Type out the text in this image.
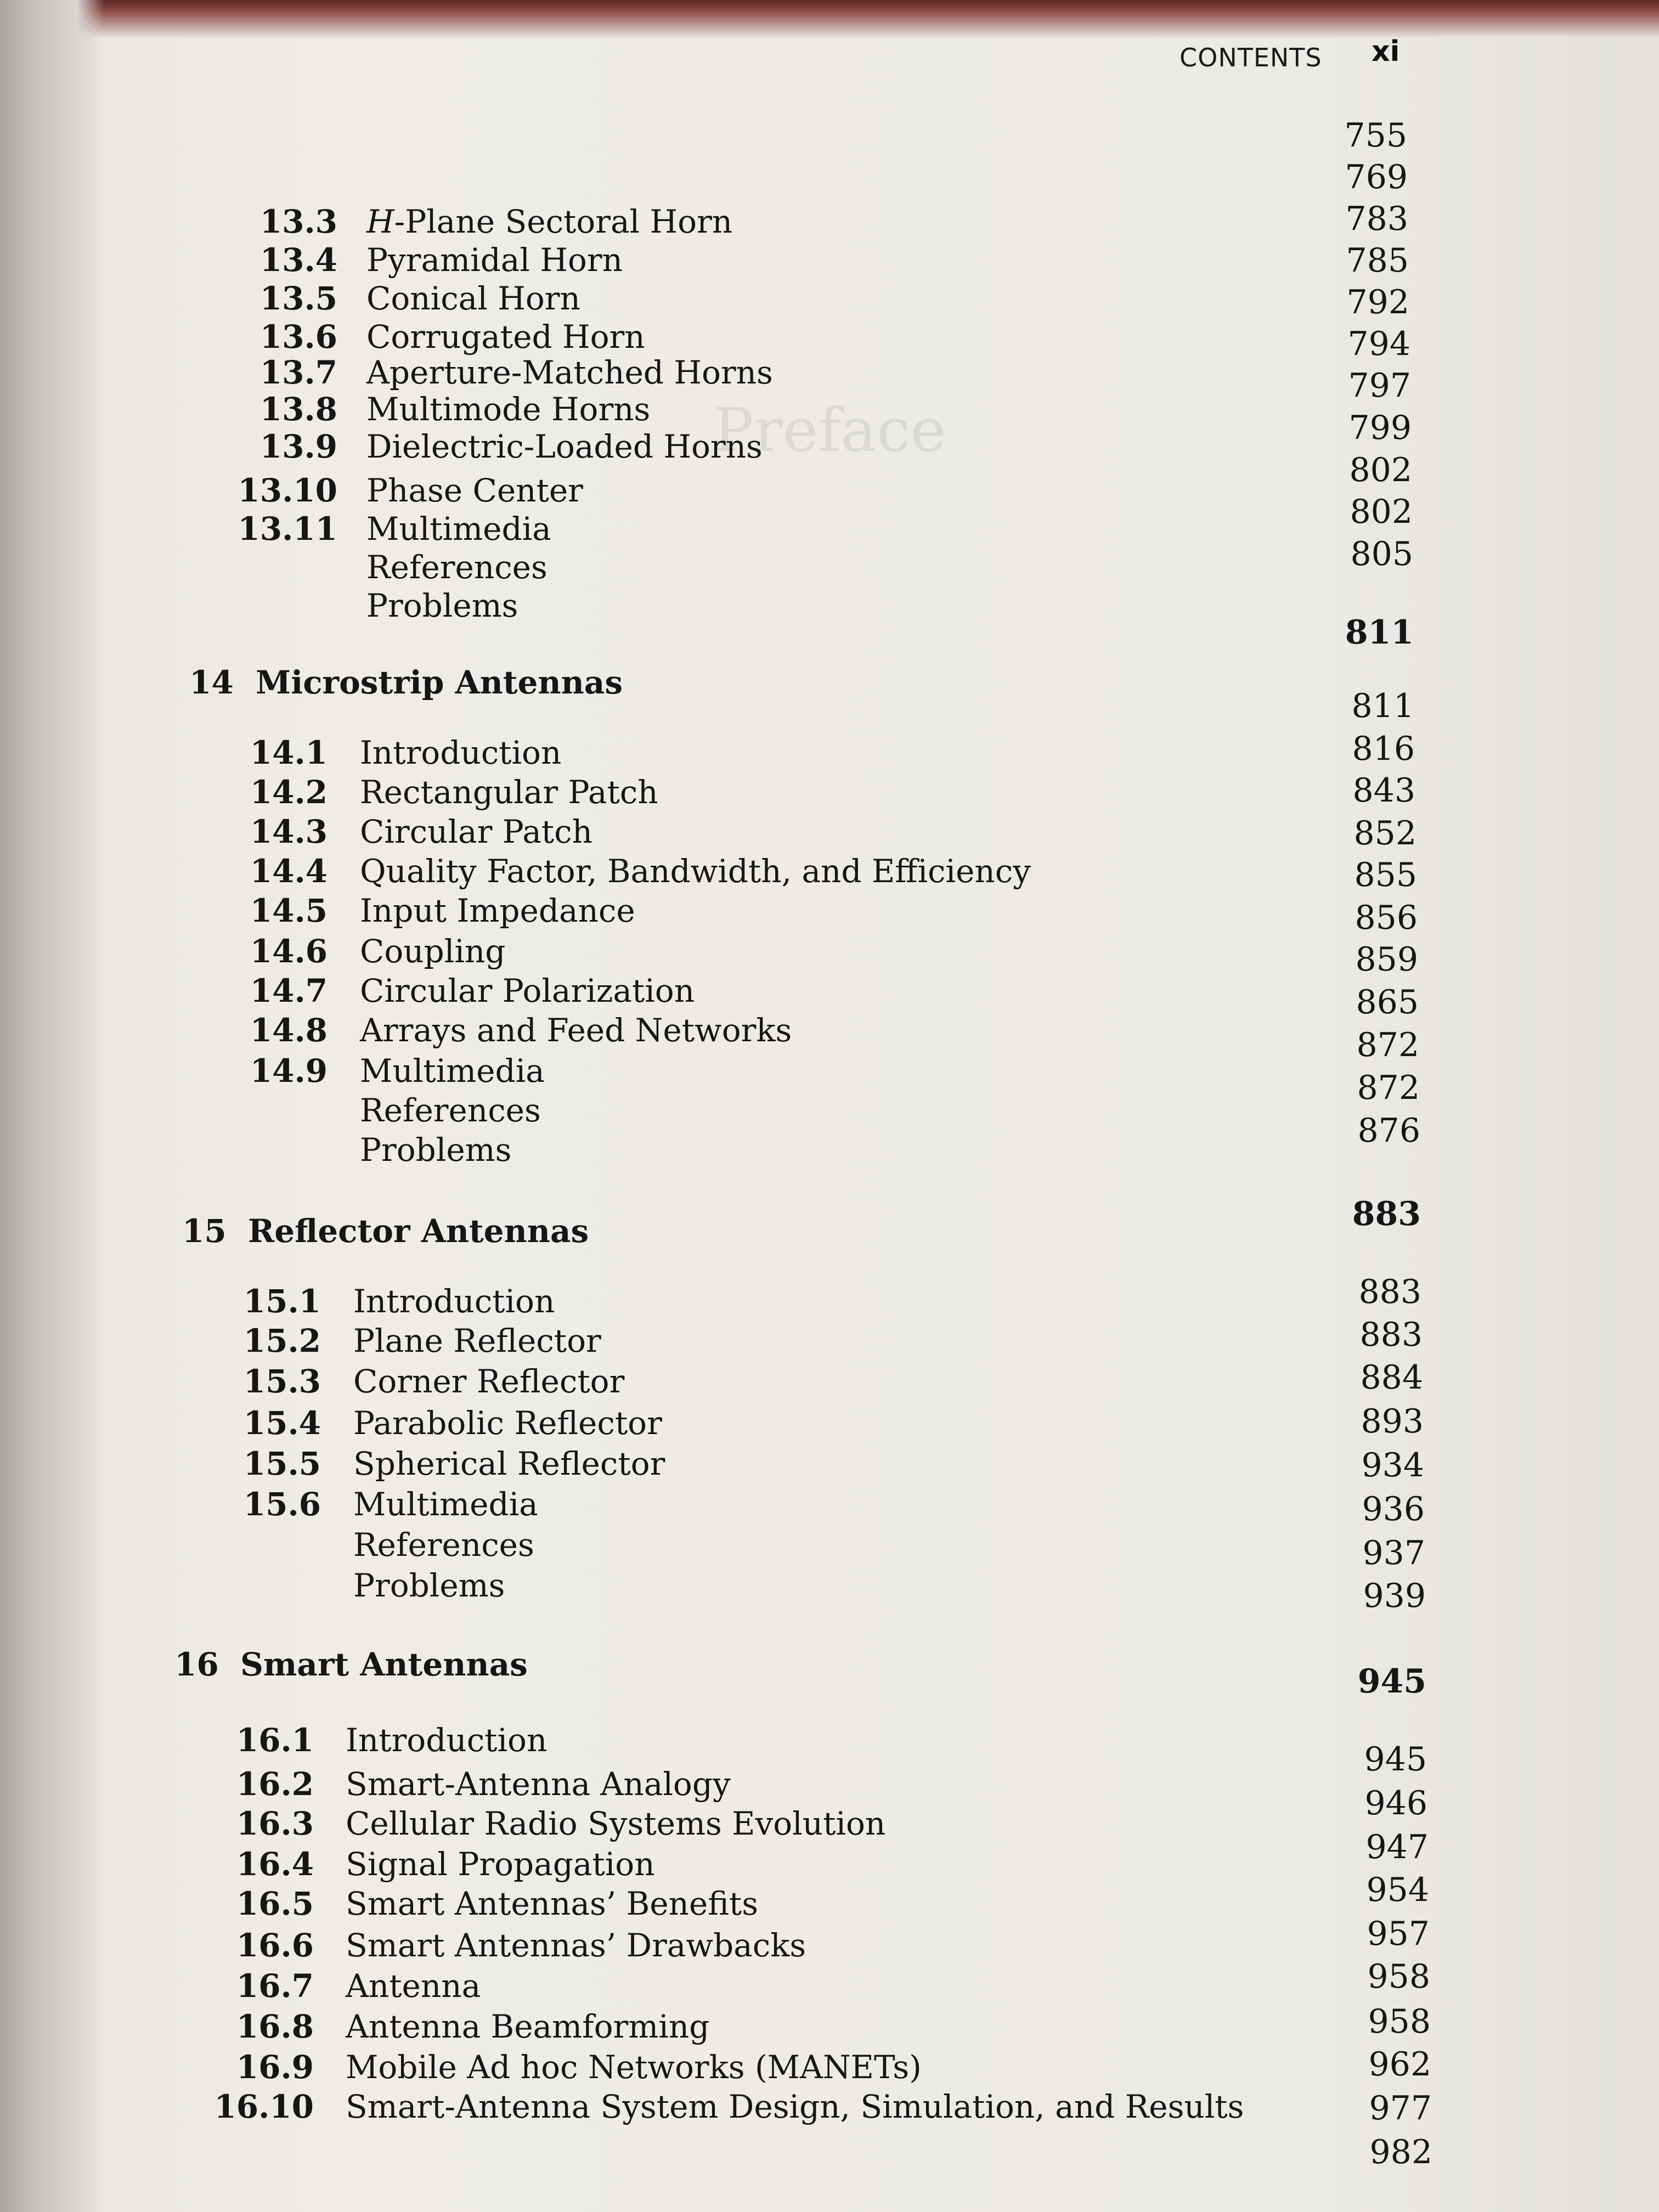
Preface
CONTENTS xi
13.3 H-Plane Sectoral Horn
13.4 Pyramidal Horn
13.5 Conical Horn
13.6 Corrugated Horn
13.7 Aperture-Matched Horns
13.8 Multimode Horns
13.9 Dielectric-Loaded Horns
13.10 Phase Center
13.11 Multimedia
References
Problems
14 Microstrip Antennas
14.1 Introduction
14.2 Rectangular Patch
14.3 Circular Patch
14.4 Quality Factor, Bandwidth, and Efficiency
14.5 Input Impedance
14.6 Coupling
14.7 Circular Polarization
14.8 Arrays and Feed Networks
14.9 Multimedia
References
Problems
15 Reflector Antennas
15.1 Introduction
15.2 Plane Reflector
15.3 Corner Reflector
15.4 Parabolic Reflector
15.5 Spherical Reflector
15.6 Multimedia
References
Problems
16 Smart Antennas
16.1 Introduction
16.2 Smart-Antenna Analogy
16.3 Cellular Radio Systems Evolution
16.4 Signal Propagation
16.5 Smart Antennas’ Benefits
16.6 Smart Antennas’ Drawbacks
16.7 Antenna
16.8 Antenna Beamforming
16.9 Mobile Ad hoc Networks (MANETs)
16.10 Smart-Antenna System Design, Simulation, and Results
755
769
783
785
792
794
797
799
802
802
805
811
811
816
843
852
855
856
859
865
872
872
876
883
883
883
884
893
934
936
937
939
945
945
946
947
954
957
958
958
962
977
982
